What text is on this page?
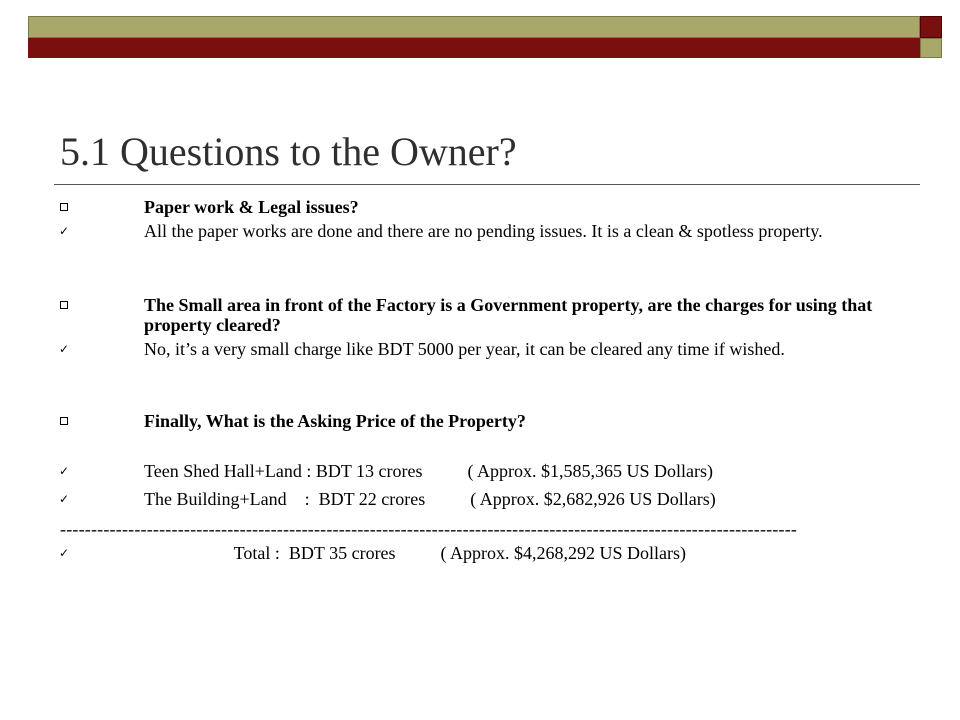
5.1 Questions to the Owner?
Paper work & Legal issues?
✓	All the paper works are done and there are no pending issues. It is a clean & spotless property.
The Small area in front of the Factory is a Government property, are the charges for using that property cleared?
✓	No, it’s a very small charge like BDT 5000 per year, it can be cleared any time if wished.
Finally, What is the Asking Price of the Property?
✓	Teen Shed Hall+Land : BDT 13 crores          ( Approx. $1,585,365 US Dollars)
✓	The Building+Land    :  BDT 22 crores          ( Approx. $2,682,926 US Dollars)
-----------------------------------------------------------------------------------------------------------------------
✓	Total :  BDT 35 crores          ( Approx. $4,268,292 US Dollars)
